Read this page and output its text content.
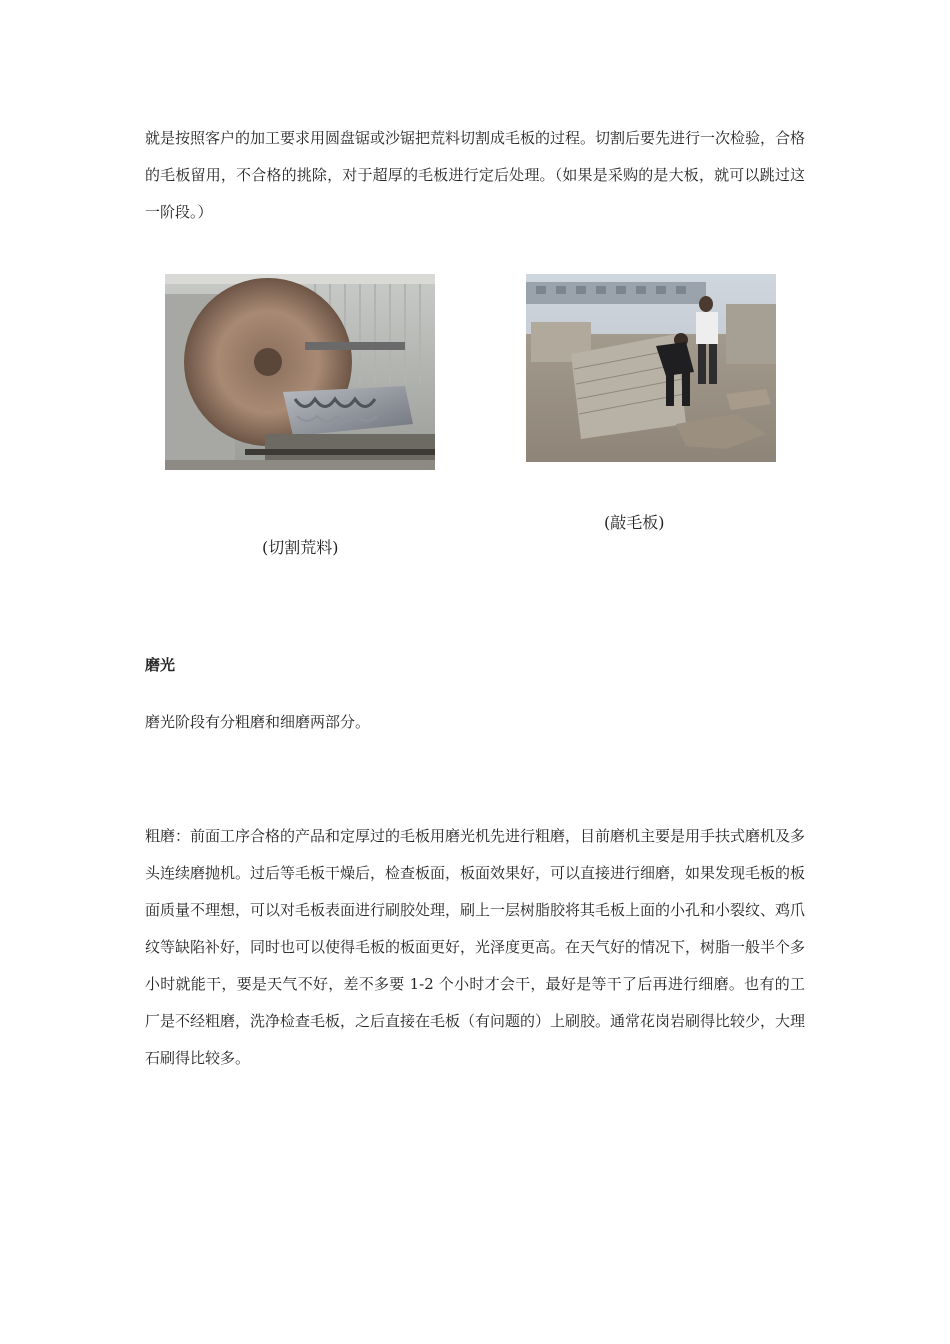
就是按照客户的加工要求用圆盘锯或沙锯把荒料切割成毛板的过程。切割后要先进行一次检验，合格的毛板留用，不合格的挑除，对于超厚的毛板进行定后处理。（如果是采购的是大板，就可以跳过这一阶段。）

(切割荒料)

(敲毛板)

磨光

磨光阶段有分粗磨和细磨两部分。

粗磨：前面工序合格的产品和定厚过的毛板用磨光机先进行粗磨，目前磨机主要是用手扶式磨机及多头连续磨抛机。过后等毛板干燥后，检查板面，板面效果好，可以直接进行细磨，如果发现毛板的板面质量不理想，可以对毛板表面进行刷胶处理，刷上一层树脂胶将其毛板上面的小孔和小裂纹、鸡爪纹等缺陷补好，同时也可以使得毛板的板面更好，光泽度更高。在天气好的情况下，树脂一般半个多小时就能干，要是天气不好，差不多要 1-2 个小时才会干，最好是等干了后再进行细磨。也有的工厂是不经粗磨，洗净检查毛板，之后直接在毛板（有问题的）上刷胶。通常花岗岩刷得比较少，大理石刷得比较多。
